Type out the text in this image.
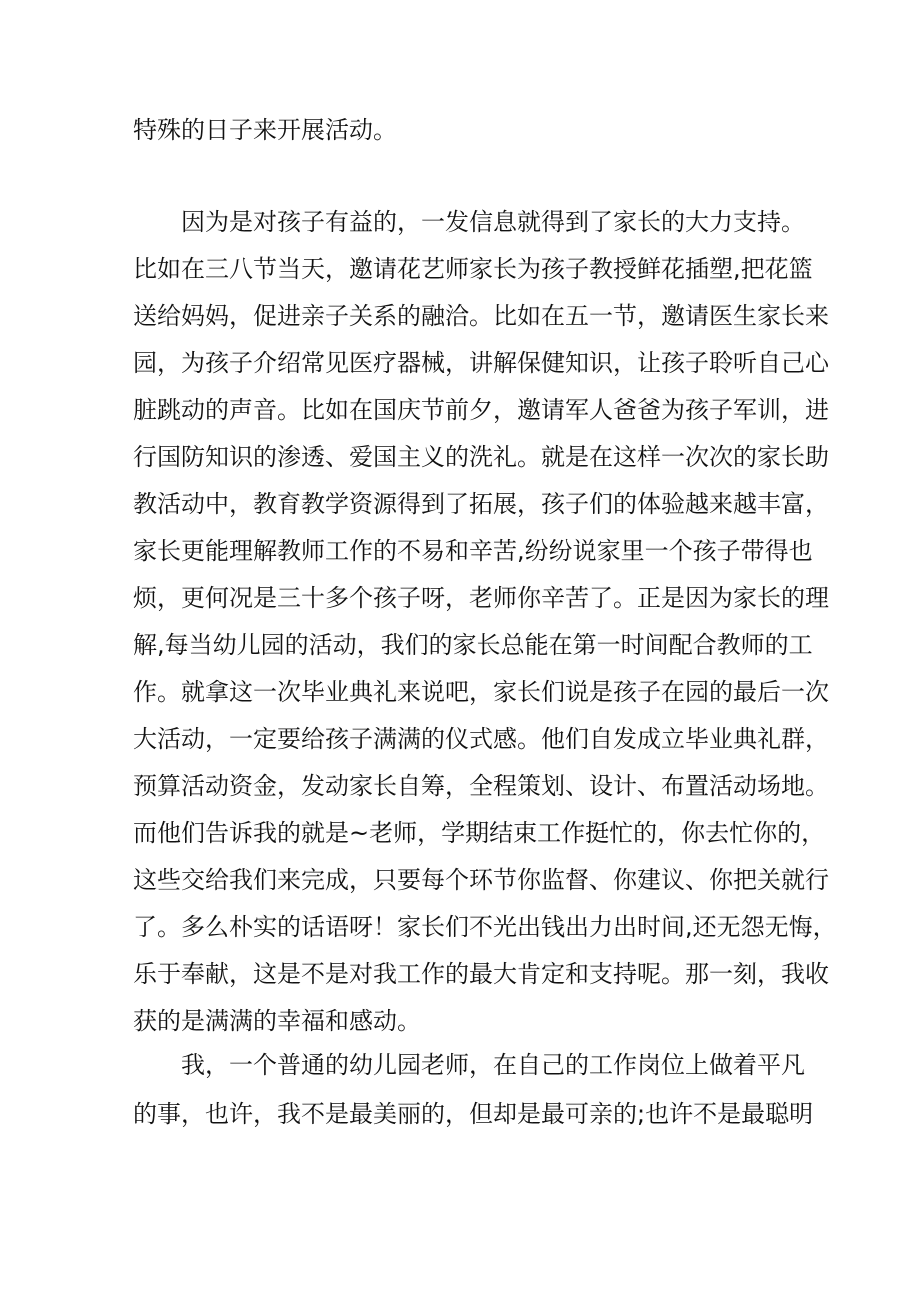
特殊的日子来开展活动。
因为是对孩子有益的，一发信息就得到了家长的大力支持。
比如在三八节当天，邀请花艺师家长为孩子教授鲜花插塑,把花篮
送给妈妈，促进亲子关系的融洽。比如在五一节，邀请医生家长来
园，为孩子介绍常见医疗器械，讲解保健知识，让孩子聆听自己心
脏跳动的声音。比如在国庆节前夕，邀请军人爸爸为孩子军训，进
行国防知识的渗透、爱国主义的洗礼。就是在这样一次次的家长助
教活动中，教育教学资源得到了拓展，孩子们的体验越来越丰富，
家长更能理解教师工作的不易和辛苦,纷纷说家里一个孩子带得也
烦，更何况是三十多个孩子呀，老师你辛苦了。正是因为家长的理
解,每当幼儿园的活动，我们的家长总能在第一时间配合教师的工
作。就拿这一次毕业典礼来说吧，家长们说是孩子在园的最后一次
大活动，一定要给孩子满满的仪式感。他们自发成立毕业典礼群，
预算活动资金，发动家长自筹，全程策划、设计、布置活动场地。
而他们告诉我的就是~老师，学期结束工作挺忙的，你去忙你的，
这些交给我们来完成，只要每个环节你监督、你建议、你把关就行
了。多么朴实的话语呀！家长们不光出钱出力出时间,还无怨无悔，
乐于奉献，这是不是对我工作的最大肯定和支持呢。那一刻，我收
获的是满满的幸福和感动。
我，一个普通的幼儿园老师，在自己的工作岗位上做着平凡
的事，也许，我不是最美丽的，但却是最可亲的;也许不是最聪明
